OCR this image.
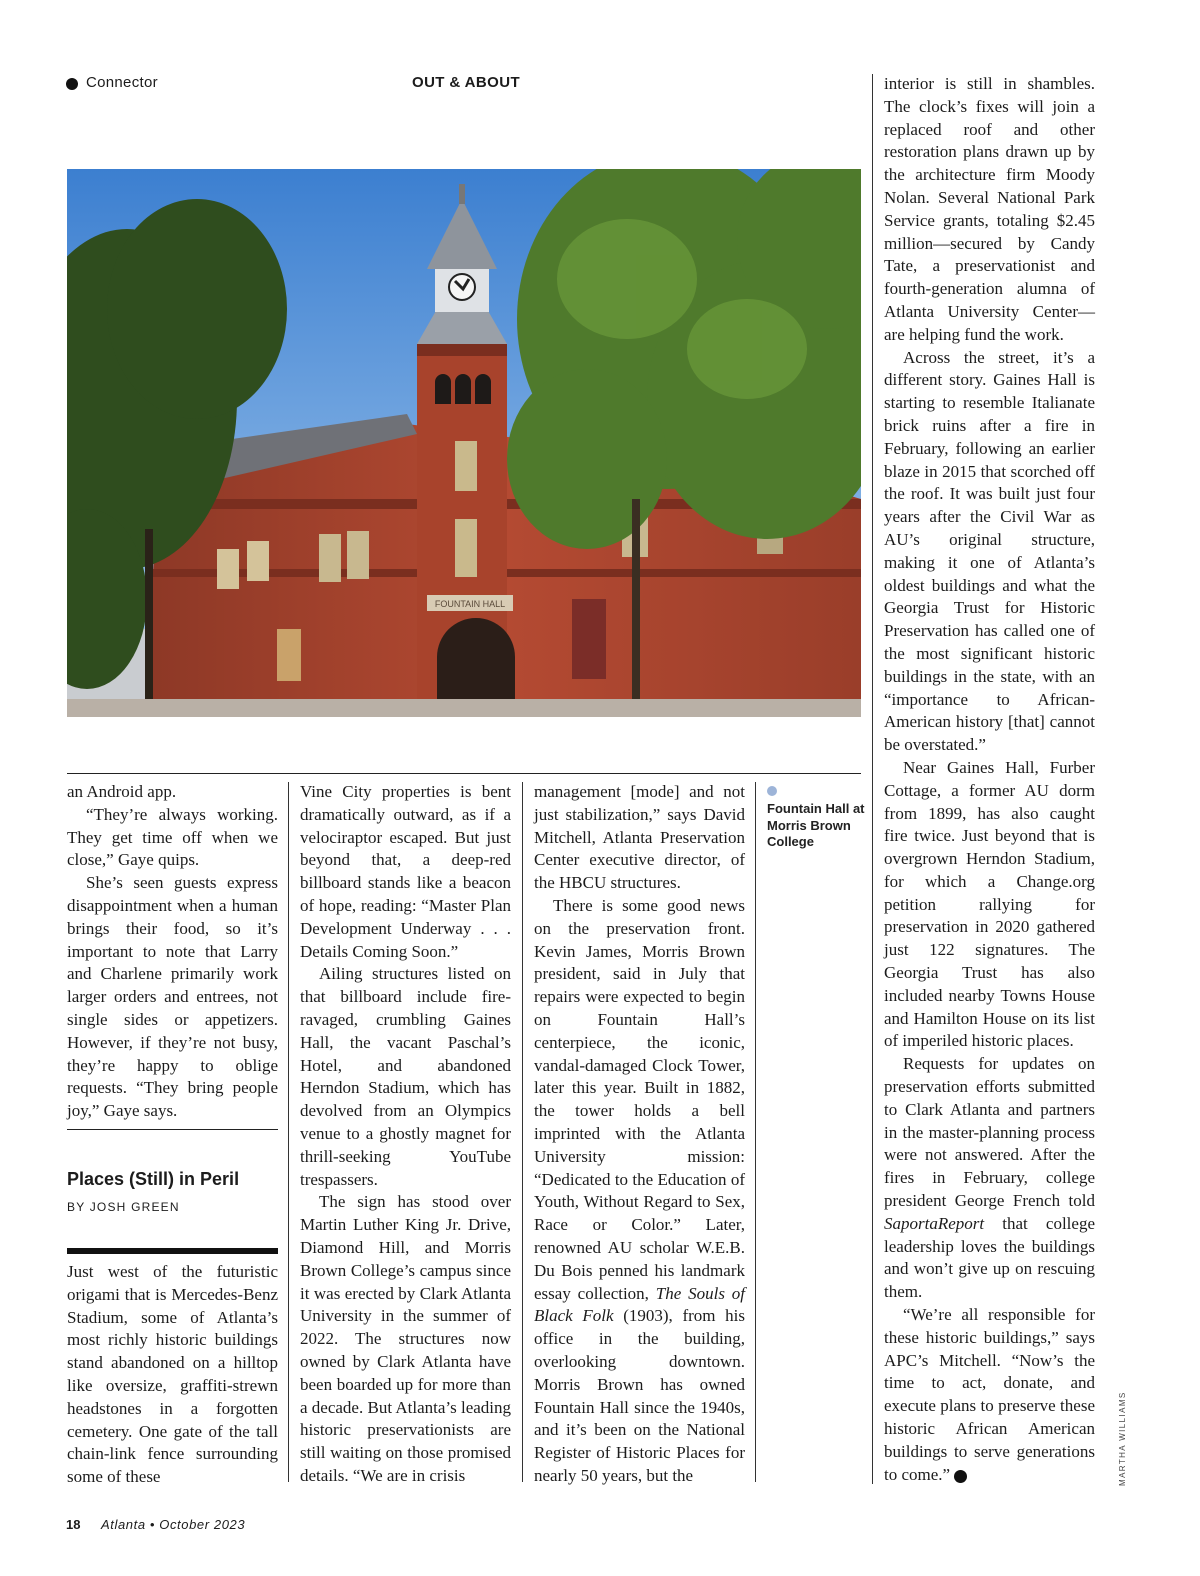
Connector	OUT & ABOUT
FOUNTAIN HALL

an Android app.

“They’re always working. They get time off when we close,” Gaye quips.

She’s seen guests express disappointment when a human brings their food, so it’s important to note that Larry and Charlene primarily work larger orders and entrees, not single sides or appetizers. However, if they’re not busy, they’re happy to oblige requests. “They bring people joy,” Gaye says.

Places (Still) in Peril
BY JOSH GREEN

Just west of the futuristic origami that is Mercedes-Benz Stadium, some of Atlanta’s most richly historic buildings stand abandoned on a hilltop like oversize, graffiti-strewn headstones in a forgotten cemetery. One gate of the tall chain-link fence surrounding some of these

Vine City properties is bent dramatically outward, as if a velociraptor escaped. But just beyond that, a deep-red billboard stands like a beacon of hope, reading: “Master Plan Development Underway . . . Details Coming Soon.”

Ailing structures listed on that billboard include fire-ravaged, crumbling Gaines Hall, the vacant Paschal’s Hotel, and abandoned Herndon Stadium, which has devolved from an Olympics venue to a ghostly magnet for thrill-seeking YouTube trespassers.

The sign has stood over Martin Luther King Jr. Drive, Diamond Hill, and Morris Brown College’s campus since it was erected by Clark Atlanta University in the summer of 2022. The structures now owned by Clark Atlanta have been boarded up for more than a decade. But Atlanta’s leading historic preservationists are still waiting on those promised details. “We are in crisis

management [mode] and not just stabilization,” says David Mitchell, Atlanta Preservation Center executive director, of the HBCU structures.

There is some good news on the preservation front. Kevin James, Morris Brown president, said in July that repairs were expected to begin on Fountain Hall’s centerpiece, the iconic, vandal-damaged Clock Tower, later this year. Built in 1882, the tower holds a bell imprinted with the Atlanta University mission: “Dedicated to the Education of Youth, Without Regard to Sex, Race or Color.” Later, renowned AU scholar W.E.B. Du Bois penned his landmark essay collection, The Souls of Black Folk (1903), from his office in the building, overlooking downtown. Morris Brown has owned Fountain Hall since the 1940s, and it’s been on the National Register of Historic Places for nearly 50 years, but the

Fountain Hall at Morris Brown College

interior is still in shambles. The clock’s fixes will join a replaced roof and other restoration plans drawn up by the architecture firm Moody Nolan. Several National Park Service grants, totaling $2.45 million—secured by Candy Tate, a preservationist and fourth-generation alumna of Atlanta University Center—are helping fund the work.

Across the street, it’s a different story. Gaines Hall is starting to resemble Italianate brick ruins after a fire in February, following an earlier blaze in 2015 that scorched off the roof. It was built just four years after the Civil War as AU’s original structure, making it one of Atlanta’s oldest buildings and what the Georgia Trust for Historic Preservation has called one of the most significant historic buildings in the state, with an “importance to African-American history [that] cannot be overstated.”

Near Gaines Hall, Furber Cottage, a former AU dorm from 1899, has also caught fire twice. Just beyond that is overgrown Herndon Stadium, for which a Change.org petition rallying for preservation in 2020 gathered just 122 signatures. The Georgia Trust has also included nearby Towns House and Hamilton House on its list of imperiled historic places.

Requests for updates on preservation efforts submitted to Clark Atlanta and partners in the master-planning process were not answered. After the fires in February, college president George French told SaportaReport that college leadership loves the buildings and won’t give up on rescuing them.

“We’re all responsible for these historic buildings,” says APC’s Mitchell. “Now’s the time to act, donate, and execute plans to preserve these historic African American buildings to serve generations to come.”	A

18 Atlanta • October 2023
MARTHA WILLIAMS
